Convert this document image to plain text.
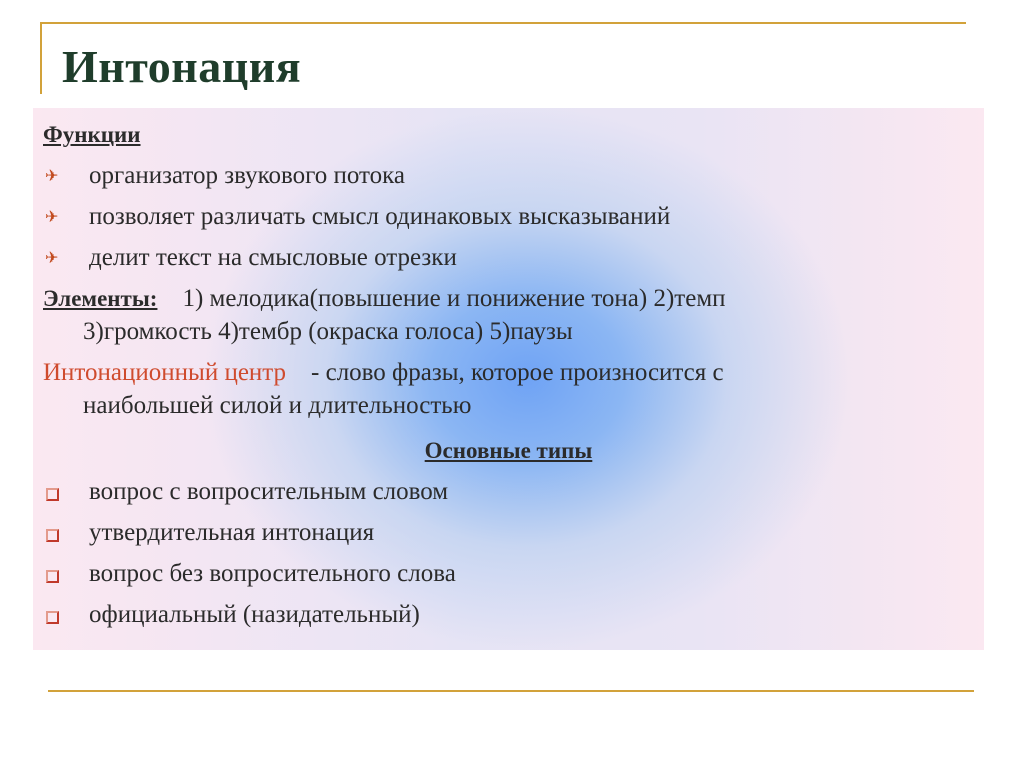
Интонация

Функции

✈ организатор звукового потока
✈ позволяет различать смысл одинаковых высказываний
✈ делит текст на смысловые отрезки

Элементы: 1) мелодика(повышение и понижение тона) 2)темп
3)громкость 4)тембр (окраска голоса) 5)паузы

Интонационный центр - слово фразы, которое произносится с
наибольшей силой и длительностью

Основные типы

вопрос с вопросительным словом
утвердительная интонация
вопрос без вопросительного слова
официальный (назидательный)
